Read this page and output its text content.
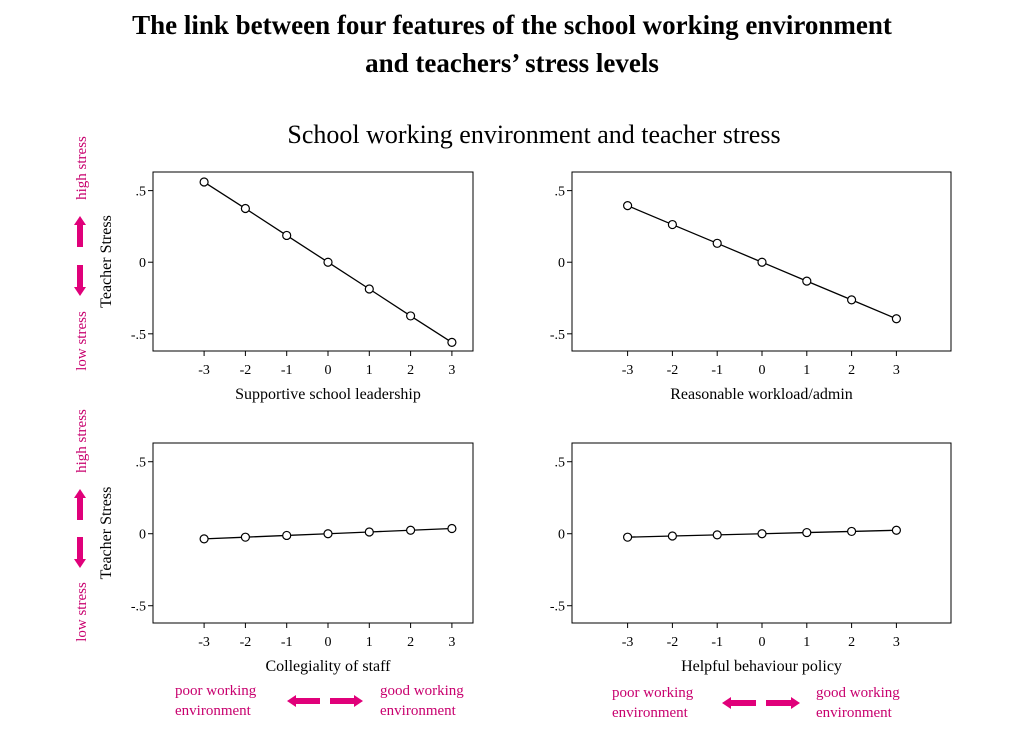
The link between four features of the school working environment
and teachers’ stress levels
School working environment and teacher stress
.5
0
-.5
-3 -2 -1 0 1 2 3
Supportive school leadership
Teacher Stress
.5
0
-.5
-3 -2 -1	0	1	2	3
Reasonable workload/admin
.5
0
-.5
-3 -2 -1 0 1 2 3
Collegiality of staff
Teacher Stress
.5
0
-.5
-3 -2 -1	0	1	2	3
Helpful behaviour policy
high stress
low stress
high stress
low stress
poor working
environment
good working
environment
poor working
environment
good working
environment
